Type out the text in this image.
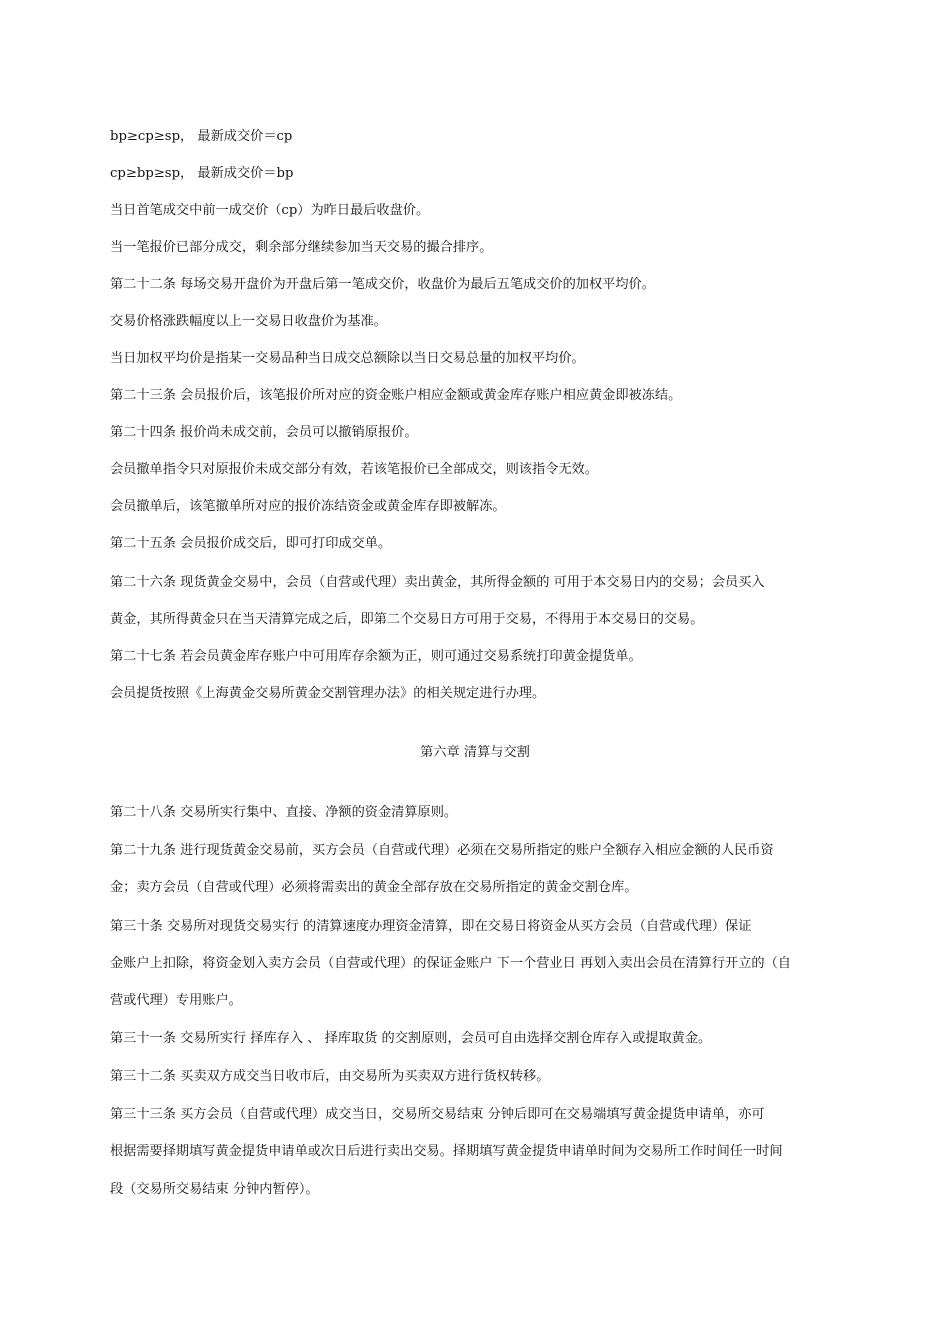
bp≥cp≥sp， 最新成交价＝cp
cp≥bp≥sp， 最新成交价＝bp
当日首笔成交中前一成交价（cp）为昨日最后收盘价。
当一笔报价已部分成交，剩余部分继续参加当天交易的撮合排序。
第二十二条 每场交易开盘价为开盘后第一笔成交价，收盘价为最后五笔成交价的加权平均价。
交易价格涨跌幅度以上一交易日收盘价为基准。
当日加权平均价是指某一交易品种当日成交总额除以当日交易总量的加权平均价。
第二十三条 会员报价后，该笔报价所对应的资金账户相应金额或黄金库存账户相应黄金即被冻结。
第二十四条 报价尚未成交前，会员可以撤销原报价。
会员撤单指令只对原报价未成交部分有效，若该笔报价已全部成交，则该指令无效。
会员撤单后，该笔撤单所对应的报价冻结资金或黄金库存即被解冻。
第二十五条 会员报价成交后，即可打印成交单。
第二十六条 现货黄金交易中，会员（自营或代理）卖出黄金，其所得金额的 可用于本交易日内的交易；会员买入
黄金，其所得黄金只在当天清算完成之后，即第二个交易日方可用于交易，不得用于本交易日的交易。
第二十七条 若会员黄金库存账户中可用库存余额为正，则可通过交易系统打印黄金提货单。
会员提货按照《上海黄金交易所黄金交割管理办法》的相关规定进行办理。
第六章 清算与交割
第二十八条 交易所实行集中、直接、净额的资金清算原则。
第二十九条 进行现货黄金交易前，买方会员（自营或代理）必须在交易所指定的账户全额存入相应金额的人民币资
金；卖方会员（自营或代理）必须将需卖出的黄金全部存放在交易所指定的黄金交割仓库。
第三十条 交易所对现货交易实行 的清算速度办理资金清算，即在交易日将资金从买方会员（自营或代理）保证
金账户上扣除，将资金划入卖方会员（自营或代理）的保证金账户 下一个营业日 再划入卖出会员在清算行开立的（自
营或代理）专用账户。
第三十一条 交易所实行 择库存入 、 择库取货 的交割原则，会员可自由选择交割仓库存入或提取黄金。
第三十二条 买卖双方成交当日收市后，由交易所为买卖双方进行货权转移。
第三十三条 买方会员（自营或代理）成交当日，交易所交易结束 分钟后即可在交易端填写黄金提货申请单，亦可
根据需要择期填写黄金提货申请单或次日后进行卖出交易。择期填写黄金提货申请单时间为交易所工作时间任一时间
段（交易所交易结束 分钟内暂停）。
